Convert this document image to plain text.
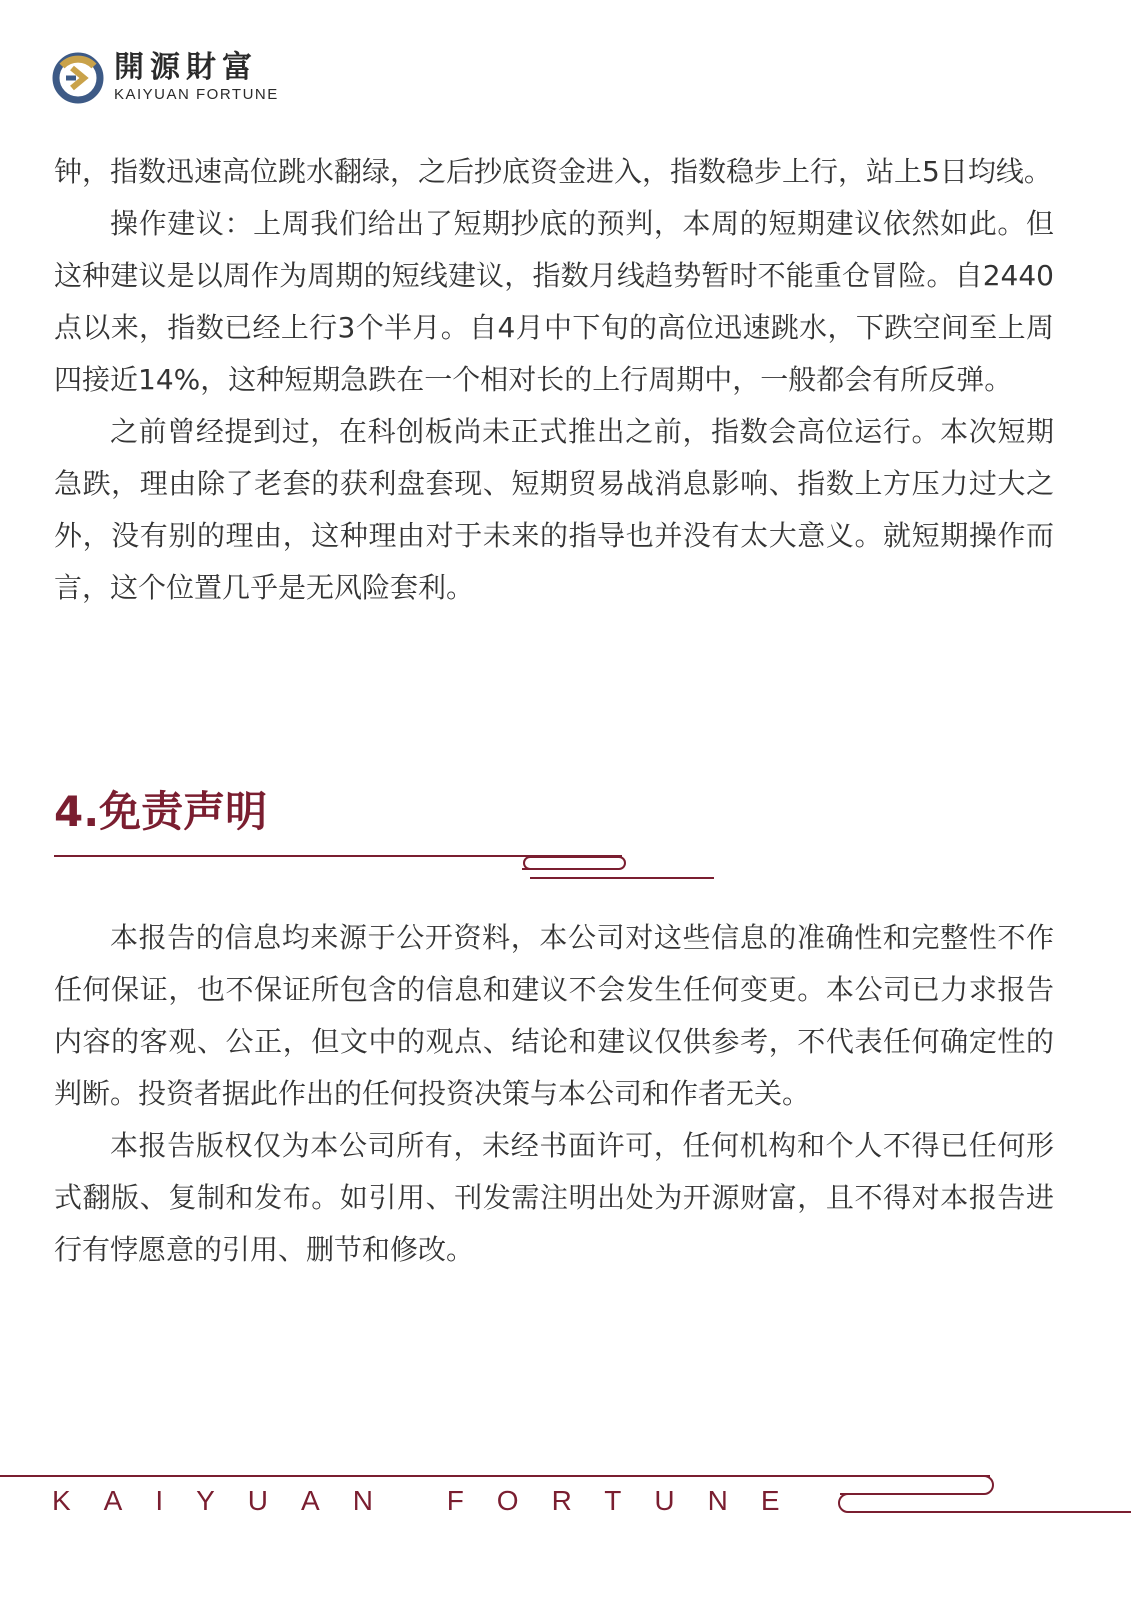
開源財富
KAIYUAN FORTUNE

钟，指数迅速高位跳水翻绿，之后抄底资金进入，指数稳步上行，站上5日均线。

操作建议：上周我们给出了短期抄底的预判，本周的短期建议依然如此。但这种建议是以周作为周期的短线建议，指数月线趋势暂时不能重仓冒险。自2440点以来，指数已经上行3个半月。自4月中下旬的高位迅速跳水，下跌空间至上周四接近14%，这种短期急跌在一个相对长的上行周期中，一般都会有所反弹。

之前曾经提到过，在科创板尚未正式推出之前，指数会高位运行。本次短期急跌，理由除了老套的获利盘套现、短期贸易战消息影响、指数上方压力过大之外，没有别的理由，这种理由对于未来的指导也并没有太大意义。就短期操作而言，这个位置几乎是无风险套利。

4.免责声明

本报告的信息均来源于公开资料，本公司对这些信息的准确性和完整性不作任何保证，也不保证所包含的信息和建议不会发生任何变更。本公司已力求报告内容的客观、公正，但文中的观点、结论和建议仅供参考，不代表任何确定性的判断。投资者据此作出的任何投资决策与本公司和作者无关。

本报告版权仅为本公司所有，未经书面许可，任何机构和个人不得已任何形式翻版、复制和发布。如引用、刊发需注明出处为开源财富，且不得对本报告进行有悖愿意的引用、删节和修改。

KAIYUAN FORTUNE
